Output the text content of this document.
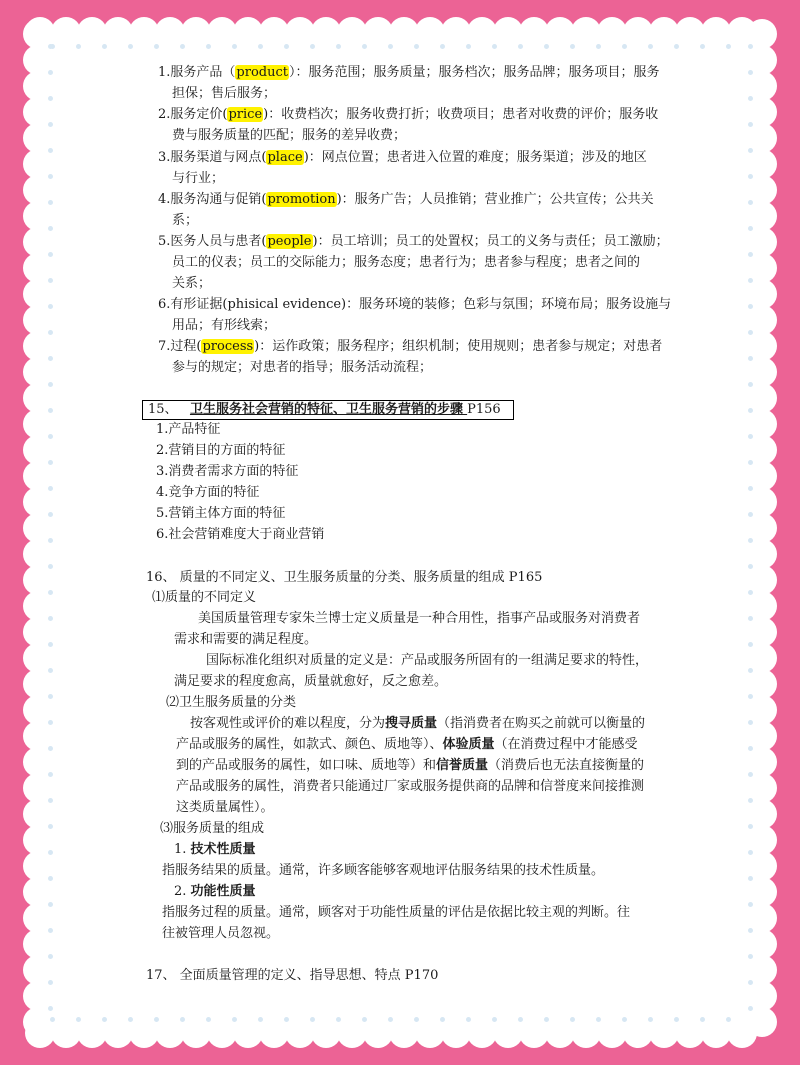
1.服务产品（product）：服务范围；服务质量；服务档次；服务品牌；服务项目；服务
担保；售后服务；
2.服务定价(price)：收费档次；服务收费打折；收费项目；患者对收费的评价；服务收
费与服务质量的匹配；服务的差异收费；
3.服务渠道与网点(place)：网点位置；患者进入位置的难度；服务渠道；涉及的地区
与行业；
4.服务沟通与促销(promotion)：服务广告；人员推销；营业推广；公共宣传；公共关
系；
5.医务人员与患者(people)：员工培训；员工的处置权；员工的义务与责任；员工激励；
员工的仪表；员工的交际能力；服务态度；患者行为；患者参与程度；患者之间的
关系；
6.有形证据(phisical evidence)：服务环境的装修；色彩与氛围；环境布局；服务设施与
用品；有形线索；
7.过程(process)：运作政策；服务程序；组织机制；使用规则；患者参与规定；对患者
参与的规定；对患者的指导；服务活动流程；
15、 卫生服务社会营销的特征、卫生服务营销的步骤 P156
1.产品特征
2.营销目的方面的特征
3.消费者需求方面的特征
4.竞争方面的特征
5.营销主体方面的特征
6.社会营销难度大于商业营销
16、 质量的不同定义、卫生服务质量的分类、服务质量的组成 P165
⑴质量的不同定义
美国质量管理专家朱兰博士定义质量是一种合用性，指事产品或服务对消费者
需求和需要的满足程度。
国际标准化组织对质量的定义是：产品或服务所固有的一组满足要求的特性，
满足要求的程度愈高，质量就愈好，反之愈差。
⑵卫生服务质量的分类
按客观性或评价的难以程度，分为搜寻质量（指消费者在购买之前就可以衡量的
产品或服务的属性，如款式、颜色、质地等）、体验质量（在消费过程中才能感受
到的产品或服务的属性，如口味、质地等）和信誉质量（消费后也无法直接衡量的
产品或服务的属性，消费者只能通过厂家或服务提供商的品牌和信誉度来间接推测
这类质量属性）。
⑶服务质量的组成
1. 技术性质量
指服务结果的质量。通常，许多顾客能够客观地评估服务结果的技术性质量。
2. 功能性质量
指服务过程的质量。通常，顾客对于功能性质量的评估是依据比较主观的判断。往
往被管理人员忽视。
17、 全面质量管理的定义、指导思想、特点 P170
